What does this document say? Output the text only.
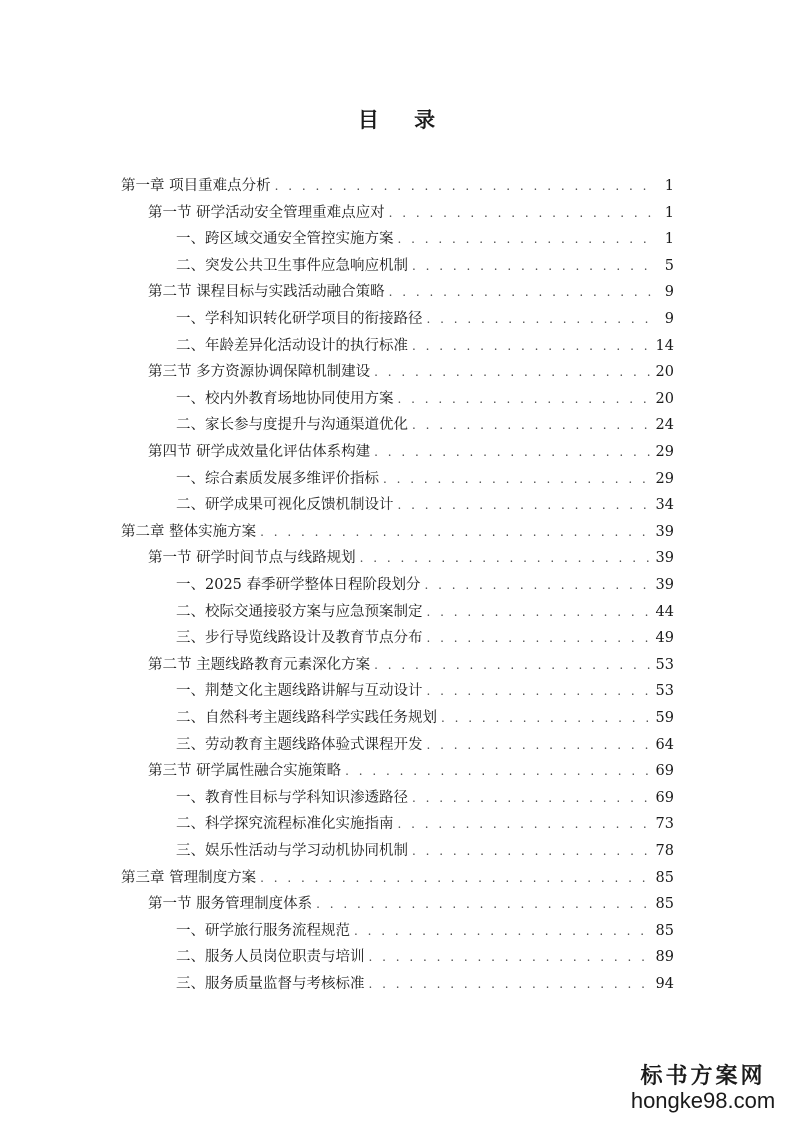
目 录
第一章 项目重难点分析 . . .	1
第一节 研学活动安全管理重难点应对 . . .	1
一、跨区域交通安全管控实施方案 . . .	1
二、突发公共卫生事件应急响应机制 . . .	5
第二节 课程目标与实践活动融合策略 . . .	9
一、学科知识转化研学项目的衔接路径 . . .	9
二、年龄差异化活动设计的执行标准 . . .	14
第三节 多方资源协调保障机制建设 . . .	20
一、校内外教育场地协同使用方案 . . .	20
二、家长参与度提升与沟通渠道优化 . . .	24
第四节 研学成效量化评估体系构建 . . .	29
一、综合素质发展多维评价指标 . . .	29
二、研学成果可视化反馈机制设计 . . .	34
第二章 整体实施方案 . . .	39
第一节 研学时间节点与线路规划 . . .	39
一、2025 春季研学整体日程阶段划分 . . .	39
二、校际交通接驳方案与应急预案制定 . . .	44
三、步行导览线路设计及教育节点分布 . . .	49
第二节 主题线路教育元素深化方案 . . .	53
一、荆楚文化主题线路讲解与互动设计 . . .	53
二、自然科考主题线路科学实践任务规划 . . .	59
三、劳动教育主题线路体验式课程开发 . . .	64
第三节 研学属性融合实施策略 . . .	69
一、教育性目标与学科知识渗透路径 . . .	69
二、科学探究流程标准化实施指南 . . .	73
三、娱乐性活动与学习动机协同机制 . . .	78
第三章 管理制度方案 . . .	85
第一节 服务管理制度体系 . . .	85
一、研学旅行服务流程规范 . . .	85
二、服务人员岗位职责与培训 . . .	89
三、服务质量监督与考核标准 . . .	94
标书方案网
hongke98.com
